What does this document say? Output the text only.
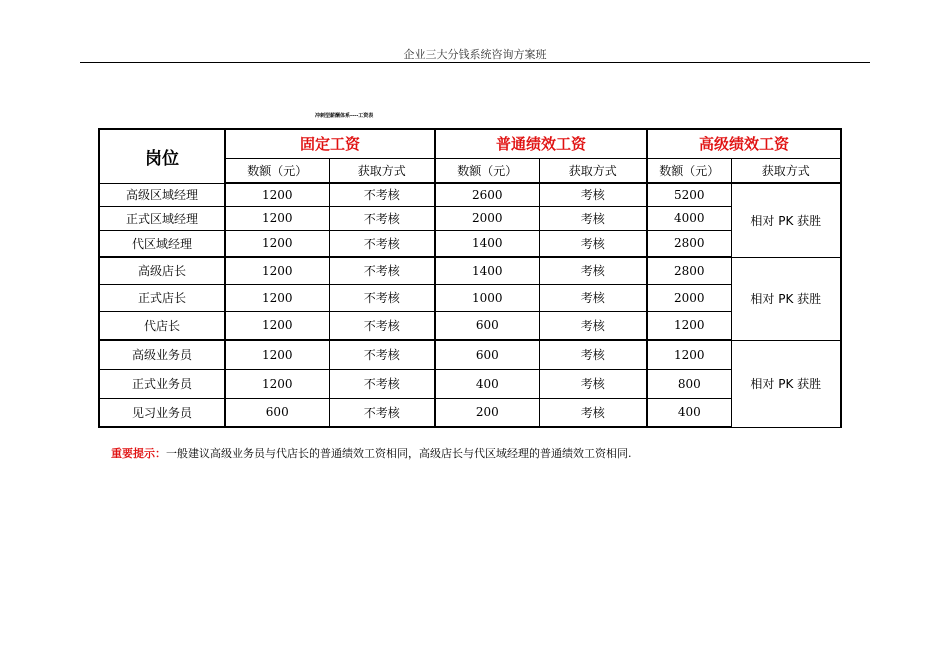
企业三大分钱系统咨询方案班
冲刺型薪酬体系----工资表
岗位	固定工资		普通绩效工资		高级绩效工资	
	数额（元）	获取方式	数额（元）	获取方式	数额（元）	获取方式
高级区域经理	1200	不考核	2600	考核	5200	相对 PK 获胜
正式区域经理	1200	不考核	2000	考核	4000	
代区域经理	1200	不考核	1400	考核	2800	
高级店长	1200	不考核	1400	考核	2800	相对 PK 获胜
正式店长	1200	不考核	1000	考核	2000	
代店长	1200	不考核	600	考核	1200	
高级业务员	1200	不考核	600	考核	1200	相对 PK 获胜
正式业务员	1200	不考核	400	考核	800	
见习业务员	600	不考核	200	考核	400	
重要提示：一般建议高级业务员与代店长的普通绩效工资相同，高级店长与代区域经理的普通绩效工资相同.
